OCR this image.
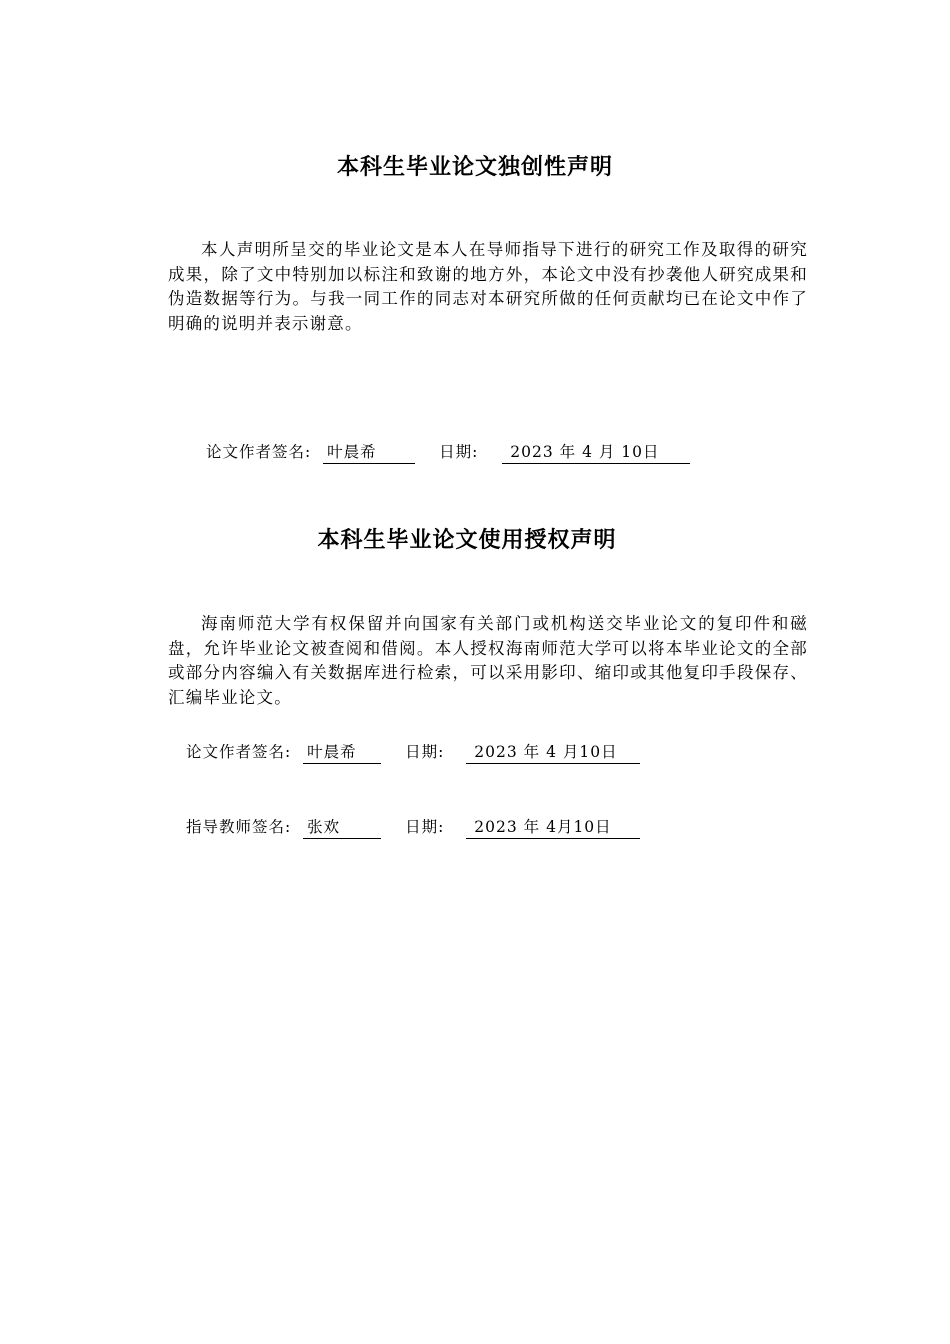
本科生毕业论文独创性声明

本人声明所呈交的毕业论文是本人在导师指导下进行的研究工作及取得的研究成果，除了文中特别加以标注和致谢的地方外，本论文中没有抄袭他人研究成果和伪造数据等行为。与我一同工作的同志对本研究所做的任何贡献均已在论文中作了明确的说明并表示谢意。

论文作者签名: 叶晨希	日期: 2023 年 4 月 10日
本科生毕业论文使用授权声明

海南师范大学有权保留并向国家有关部门或机构送交毕业论文的复印件和磁盘，允许毕业论文被查阅和借阅。本人授权海南师范大学可以将本毕业论文的全部或部分内容编入有关数据库进行检索，可以采用影印、缩印或其他复印手段保存、汇编毕业论文。

论文作者签名: 叶晨希	日期: 2023 年 4 月10日
指导教师签名: 张欢	日期: 2023 年 4月10日
